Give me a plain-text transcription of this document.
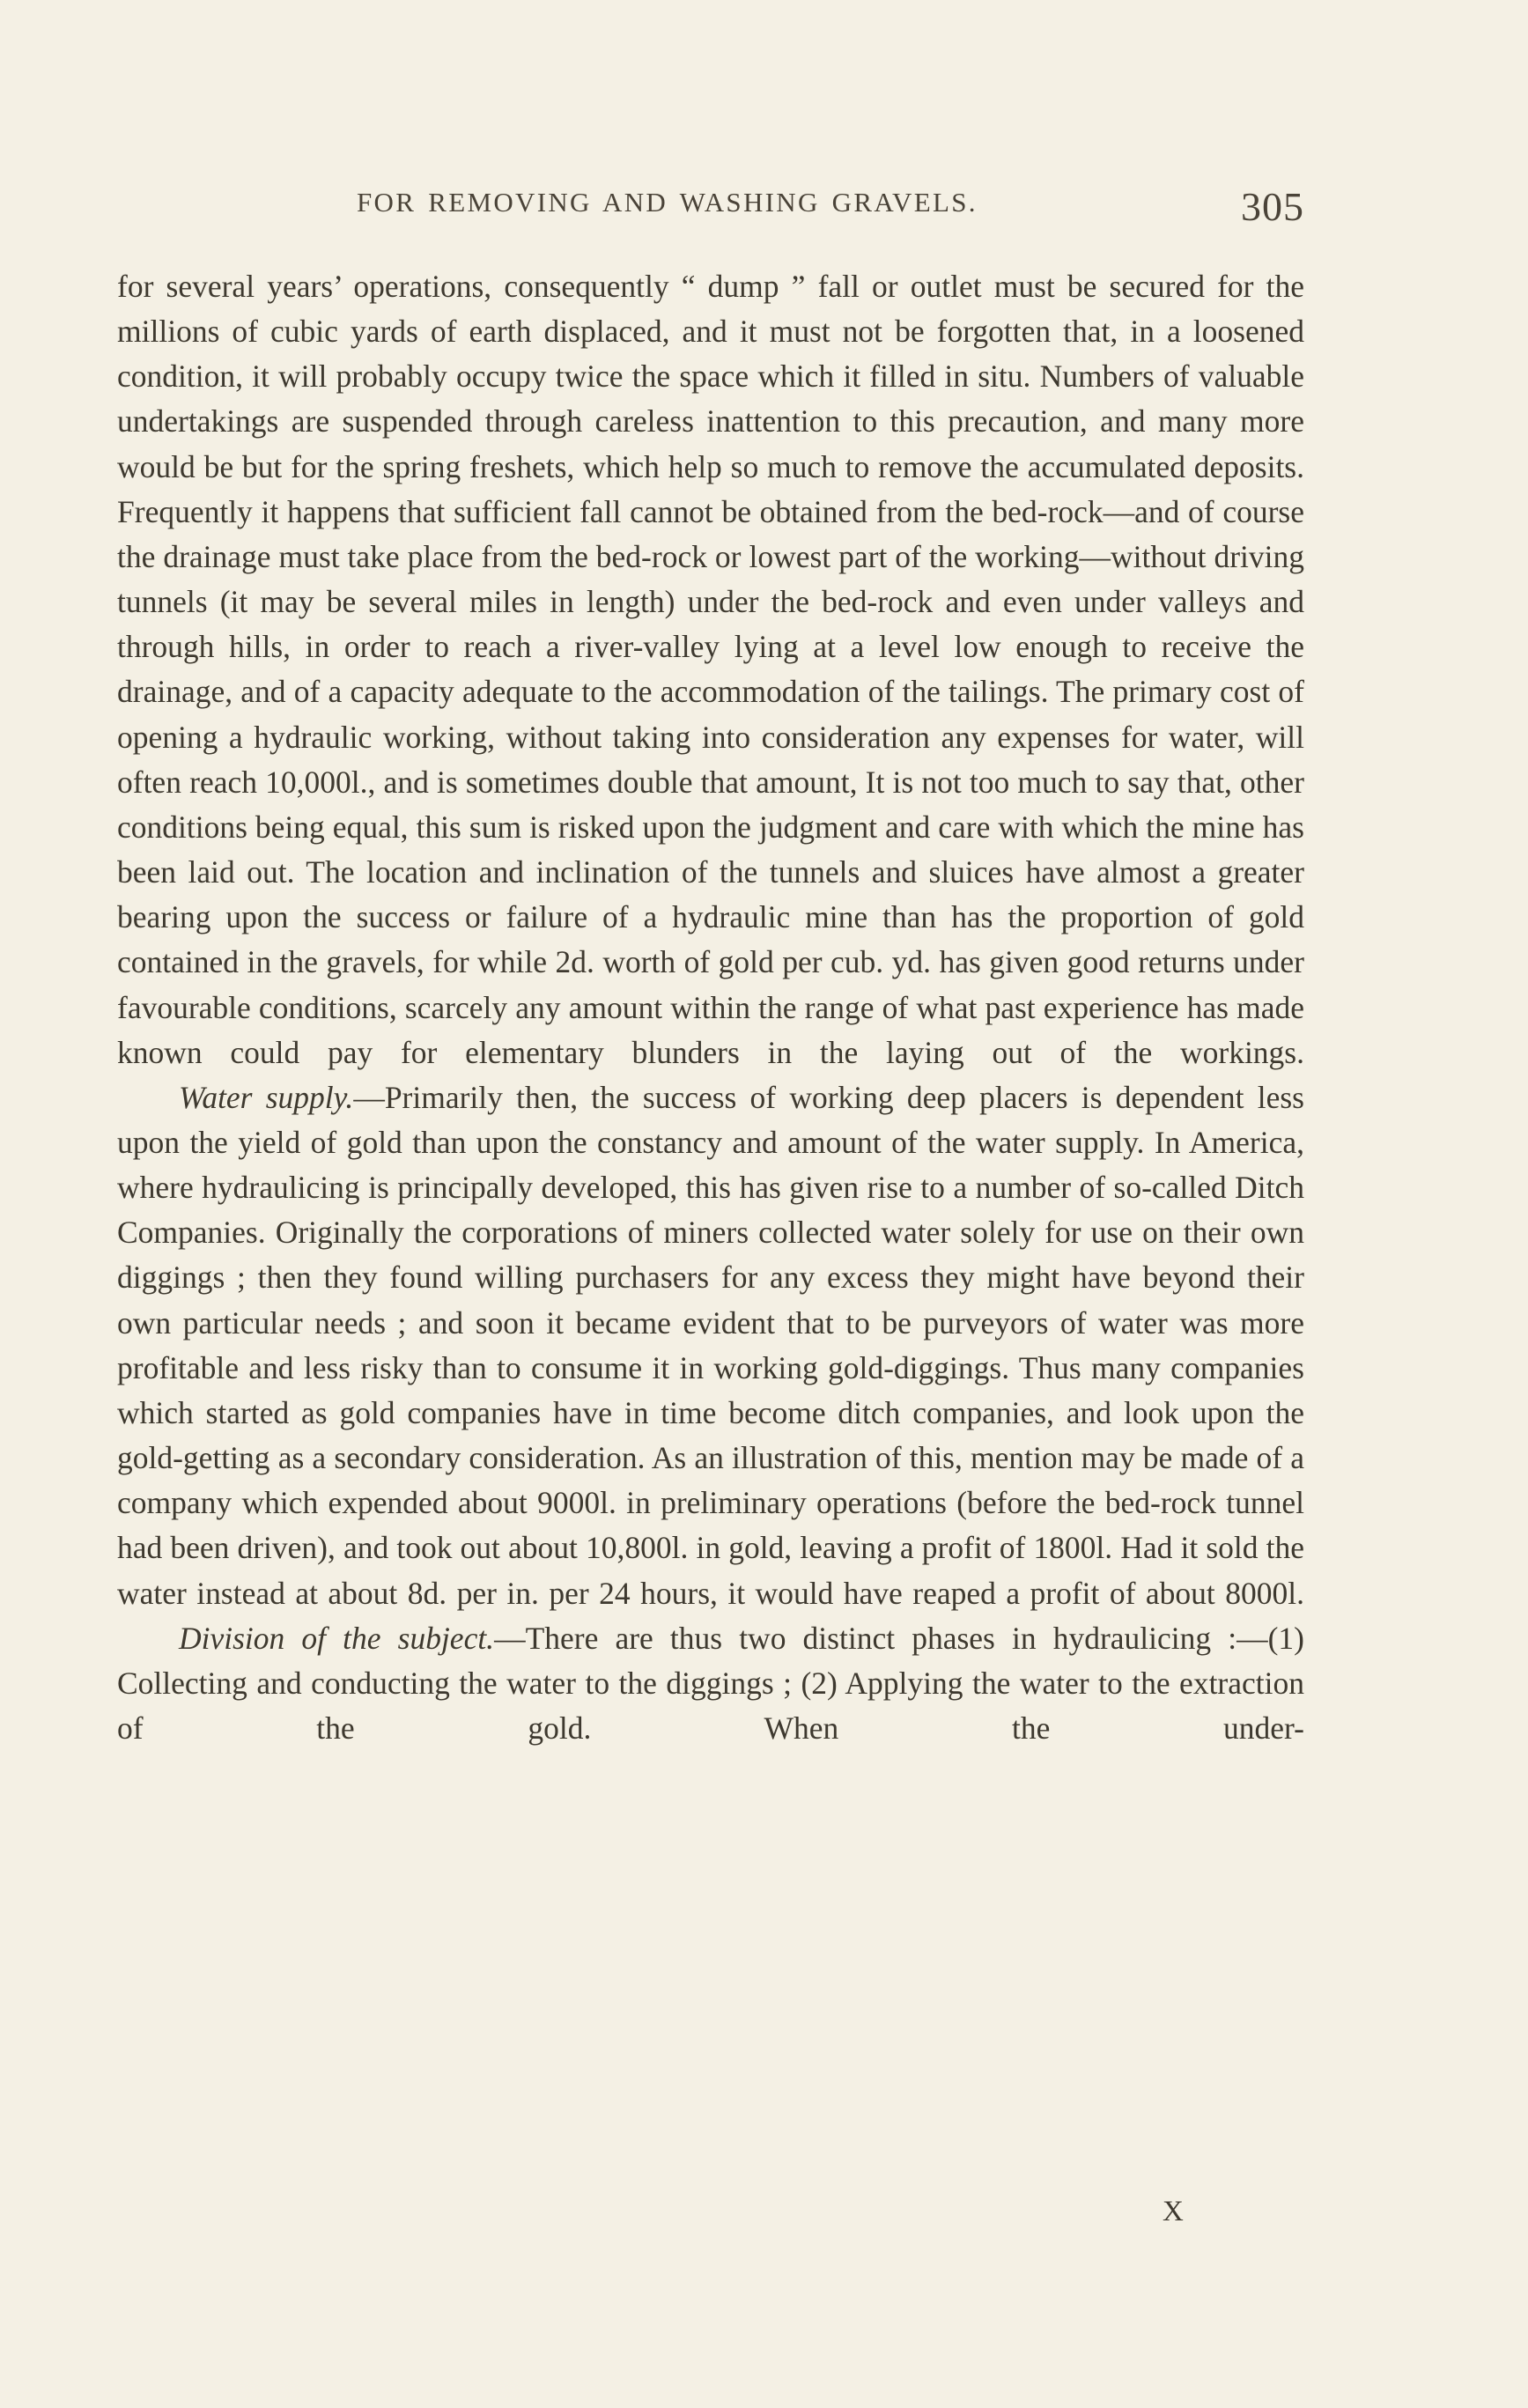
FOR REMOVING AND WASHING GRAVELS.	305

for several years’ operations, consequently “ dump ” fall or outlet must be secured for the millions of cubic yards of earth displaced, and it must not be forgotten that, in a loosened condition, it will probably occupy twice the space which it filled in situ. Numbers of valuable undertakings are suspended through careless inattention to this precaution, and many more would be but for the spring freshets, which help so much to remove the accumulated deposits. Frequently it happens that sufficient fall cannot be obtained from the bed-rock—and of course the drainage must take place from the bed-rock or lowest part of the working—without driving tunnels (it may be several miles in length) under the bed-rock and even under valleys and through hills, in order to reach a river-valley lying at a level low enough to receive the drainage, and of a capacity adequate to the accommodation of the tailings. The primary cost of opening a hydraulic working, without taking into consideration any expenses for water, will often reach 10,000l., and is sometimes double that amount, It is not too much to say that, other conditions being equal, this sum is risked upon the judgment and care with which the mine has been laid out. The location and inclination of the tunnels and sluices have almost a greater bearing upon the success or failure of a hydraulic mine than has the proportion of gold contained in the gravels, for while 2d. worth of gold per cub. yd. has given good returns under favourable conditions, scarcely any amount within the range of what past experience has made known could pay for elementary blunders in the laying out of the workings.

Water supply.—Primarily then, the success of working deep placers is dependent less upon the yield of gold than upon the constancy and amount of the water supply. In America, where hydraulicing is principally developed, this has given rise to a number of so-called Ditch Companies. Originally the corporations of miners collected water solely for use on their own diggings ; then they found willing purchasers for any excess they might have beyond their own particular needs ; and soon it became evident that to be purveyors of water was more profitable and less risky than to consume it in working gold-diggings. Thus many companies which started as gold companies have in time become ditch companies, and look upon the gold-getting as a secondary consideration. As an illustration of this, mention may be made of a company which expended about 9000l. in preliminary operations (before the bed-rock tunnel had been driven), and took out about 10,800l. in gold, leaving a profit of 1800l. Had it sold the water instead at about 8d. per in. per 24 hours, it would have reaped a profit of about 8000l.

Division of the subject.—There are thus two distinct phases in hydraulicing :—(1) Collecting and conducting the water to the diggings ; (2) Applying the water to the extraction of the gold. When the under-

X
